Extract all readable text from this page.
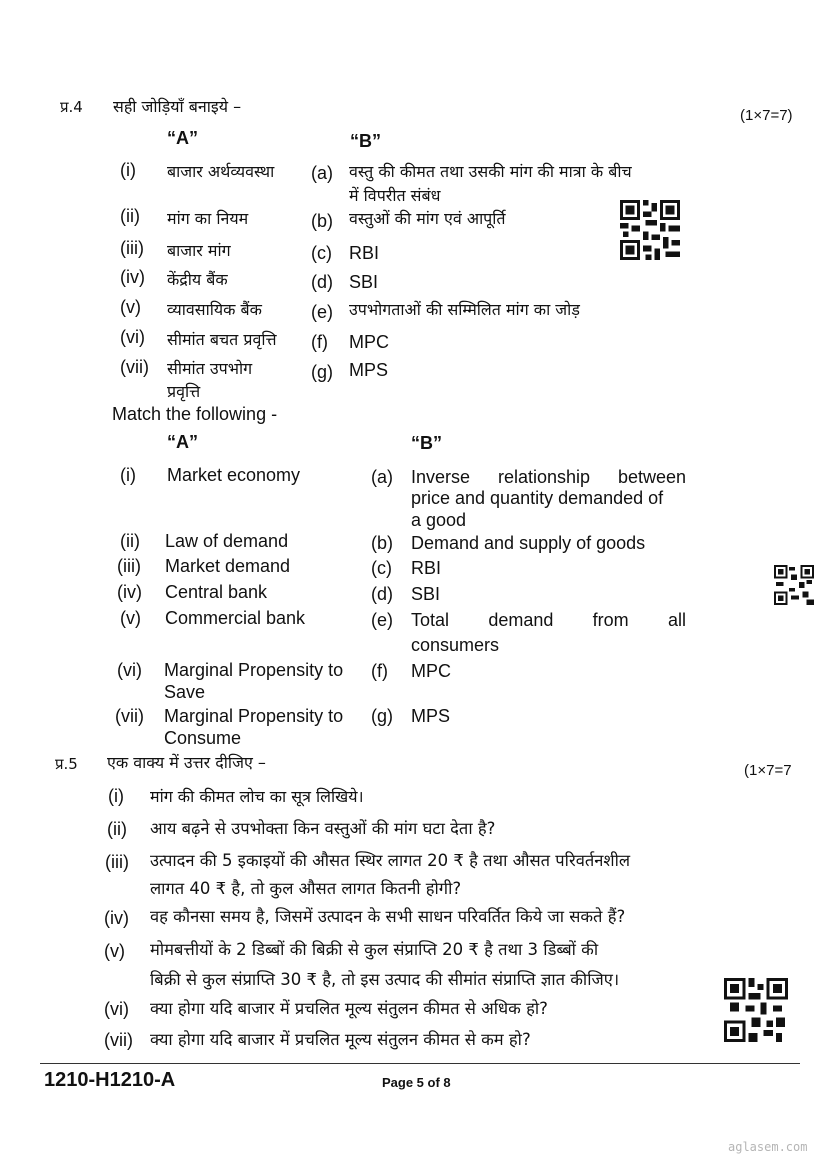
प्र.4 सही जोड़ियाँ बनाइये –	(1×7=7)
“A”	“B”
(i) बाजार अर्थव्यवस्था (a) वस्तु की कीमत तथा उसकी मांग की मात्रा के बीच
में विपरीत संबंध
(ii) मांग का नियम	(b) वस्तुओं की मांग एवं आपूर्ति
(iii) बाजार मांग	(c) RBI
(iv) केंद्रीय बैंक	(d) SBI
(v) व्यावसायिक बैंक	(e) उपभोगताओं की सम्मिलित मांग का जोड़
(vi) सीमांत बचत प्रवृत्ति (f) MPC
(vii) सीमांत उपभोग
प्रवृत्ति
(g) MPS
Match the following -
“A”	“B”
(i) Market economy	(a) Inverse relationship between
price and quantity demanded of
a good
(ii) Law of demand	(b) Demand and supply of goods
(iii) Market demand	(c) RBI
(iv) Central bank	(d) SBI
(v) Commercial bank	(e) Total demand from all
consumers
(vi) Marginal Propensity to
Save
(f) MPC
(vii) Marginal Propensity to
Consume
(g) MPS
प्र.5 एक वाक्य में उत्तर दीजिए –	(1×7=7
(i) मांग की कीमत लोच का सूत्र लिखिये।
(ii) आय बढ़ने से उपभोक्ता किन वस्तुओं की मांग घटा देता है?
(iii) उत्पादन की 5 इकाइयों की औसत स्थिर लागत 20 ₹ है तथा औसत परिवर्तनशील
लागत 40 ₹ है, तो कुल औसत लागत कितनी होगी?
(iv) वह कौनसा समय है, जिसमें उत्पादन के सभी साधन परिवर्तित किये जा सकते हैं?
(v) मोमबत्तीयों के 2 डिब्बों की बिक्री से कुल संप्राप्ति 20 ₹ है तथा 3 डिब्बों की
बिक्री से कुल संप्राप्ति 30 ₹ है, तो इस उत्पाद की सीमांत संप्राप्ति ज्ञात कीजिए।
(vi) क्या होगा यदि बाजार में प्रचलित मूल्य संतुलन कीमत से अधिक हो?
(vii) क्या होगा यदि बाजार में प्रचलित मूल्य संतुलन कीमत से कम हो?
1210-H1210-A	Page 5 of 8
aglasem.com
